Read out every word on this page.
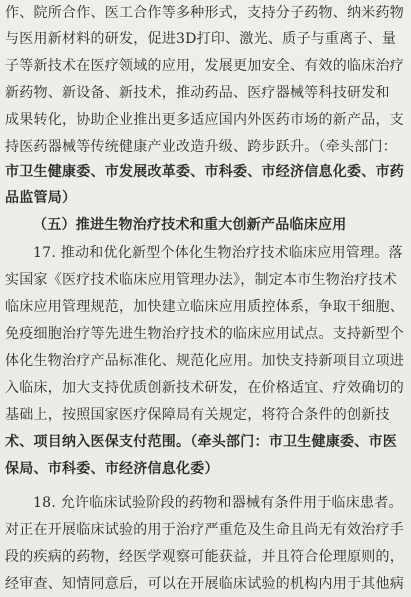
作、院所合作、医工合作等多种形式，支持分子药物、纳米药物
与医用新材料的研发，促进3D打印、激光、质子与重离子、量
子等新技术在医疗领域的应用，发展更加安全、有效的临床治疗
新药物、新设备、新技术，推动药品、医疗器械等科技研发和
成果转化，协助企业推出更多适应国内外医药市场的新产品，支
持医药器械等传统健康产业改造升级、跨步跃升。（牵头部门：
市卫生健康委、市发展改革委、市科委、市经济信息化委、市药
品监管局）
（五）推进生物治疗技术和重大创新产品临床应用
17. 推动和优化新型个体化生物治疗技术临床应用管理。落
实国家《医疗技术临床应用管理办法》，制定本市生物治疗技术
临床应用管理规范，加快建立临床应用质控体系，争取干细胞、
免疫细胞治疗等先进生物治疗技术的临床应用试点。支持新型个
体化生物治疗产品标准化、规范化应用。加快支持新项目立项进
入临床，加大支持优质创新技术研发，在价格适宜、疗效确切的
基础上，按照国家医疗保障局有关规定，将符合条件的创新技
术、项目纳入医保支付范围。（牵头部门：市卫生健康委、市医
保局、市科委、市经济信息化委）
18. 允许临床试验阶段的药物和器械有条件用于临床患者。
对正在开展临床试验的用于治疗严重危及生命且尚无有效治疗手
段的疾病的药物，经医学观察可能获益，并且符合伦理原则的，
经审查、知情同意后，可以在开展临床试验的机构内用于其他病
